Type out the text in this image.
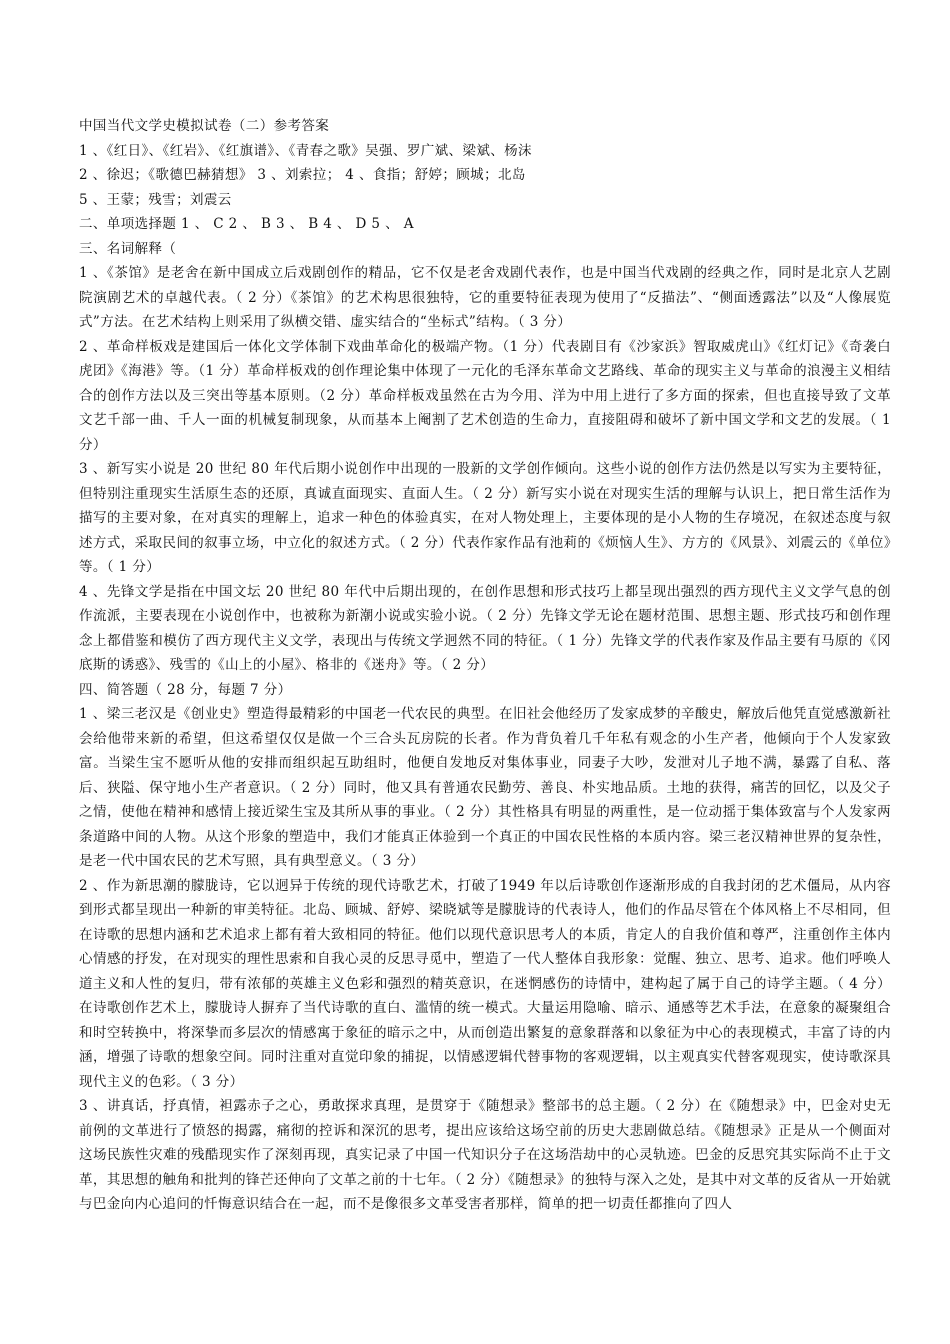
中国当代文学史模拟试卷（二）参考答案

1 、《红日》、《红岩》、《红旗谱》、《青春之歌》吴强、罗广斌、梁斌、杨沫

2 、徐迟；《歌德巴赫猜想》 3 、刘索拉； 4 、食指；舒婷；顾城；北岛

5 、王蒙；残雪；刘震云

二、单项选择题 1 、 C 2 、 B 3 、 B 4 、 D 5 、 A

三、名词解释（

1 、《茶馆》是老舍在新中国成立后戏剧创作的精品，它不仅是老舍戏剧代表作，也是中国当代戏剧的经典之作，同时是北京人艺剧院演剧艺术的卓越代表。（ 2 分）《茶馆》的艺术构思很独特，它的重要特征表现为使用了“反描法”、“侧面透露法”以及“人像展览式”方法。在艺术结构上则采用了纵横交错、虚实结合的“坐标式”结构。（ 3 分）

2 、革命样板戏是建国后一体化文学体制下戏曲革命化的极端产物。（1 分）代表剧目有《沙家浜》智取威虎山》《红灯记》《奇袭白虎团》《海港》等。（1 分）革命样板戏的创作理论集中体现了一元化的毛泽东革命文艺路线、革命的现实主义与革命的浪漫主义相结合的创作方法以及三突出等基本原则。（2 分）革命样板戏虽然在古为今用、洋为中用上进行了多方面的探索，但也直接导致了文革文艺千部一曲、千人一面的机械复制现象，从而基本上阉割了艺术创造的生命力，直接阻碍和破坏了新中国文学和文艺的发展。（ 1 分）

3 、新写实小说是 20 世纪 80 年代后期小说创作中出现的一股新的文学创作倾向。这些小说的创作方法仍然是以写实为主要特征，但特别注重现实生活原生态的还原，真诚直面现实、直面人生。（ 2 分）新写实小说在对现实生活的理解与认识上，把日常生活作为描写的主要对象，在对真实的理解上，追求一种色的体验真实，在对人物处理上，主要体现的是小人物的生存境况，在叙述态度与叙述方式，采取民间的叙事立场，中立化的叙述方式。（ 2 分）代表作家作品有池莉的《烦恼人生》、方方的《风景》、刘震云的《单位》等。（ 1 分）

4 、先锋文学是指在中国文坛 20 世纪 80 年代中后期出现的，在创作思想和形式技巧上都呈现出强烈的西方现代主义文学气息的创作流派，主要表现在小说创作中，也被称为新潮小说或实验小说。（ 2 分）先锋文学无论在题材范围、思想主题、形式技巧和创作理念上都借鉴和模仿了西方现代主义文学，表现出与传统文学迥然不同的特征。（ 1 分）先锋文学的代表作家及作品主要有马原的《冈底斯的诱惑》、残雪的《山上的小屋》、格非的《迷舟》等。（ 2 分）

四、简答题（ 28 分，每题 7 分）

1 、梁三老汉是《创业史》塑造得最精彩的中国老一代农民的典型。在旧社会他经历了发家成梦的辛酸史，解放后他凭直觉感激新社会给他带来新的希望，但这希望仅仅是做一个三合头瓦房院的长者。作为背负着几千年私有观念的小生产者，他倾向于个人发家致富。当梁生宝不愿听从他的安排而组织起互助组时，他便自发地反对集体事业，同妻子大吵，发泄对儿子地不满，暴露了自私、落后、狭隘、保守地小生产者意识。（ 2 分）同时，他又具有普通农民勤劳、善良、朴实地品质。土地的获得，痛苦的回忆，以及父子之情，使他在精神和感情上接近梁生宝及其所从事的事业。（ 2 分）其性格具有明显的两重性，是一位动摇于集体致富与个人发家两条道路中间的人物。从这个形象的塑造中，我们才能真正体验到一个真正的中国农民性格的本质内容。梁三老汉精神世界的复杂性，是老一代中国农民的艺术写照，具有典型意义。（ 3 分）

2 、作为新思潮的朦胧诗，它以迥异于传统的现代诗歌艺术，打破了1949 年以后诗歌创作逐渐形成的自我封闭的艺术僵局，从内容到形式都呈现出一种新的审美特征。北岛、顾城、舒婷、梁晓斌等是朦胧诗的代表诗人，他们的作品尽管在个体风格上不尽相同，但在诗歌的思想内涵和艺术追求上都有着大致相同的特征。他们以现代意识思考人的本质，肯定人的自我价值和尊严，注重创作主体内心情感的抒发，在对现实的理性思索和自我心灵的反思寻觅中，塑造了一代人整体自我形象：觉醒、独立、思考、追求。他们呼唤人道主义和人性的复归，带有浓郁的英雄主义色彩和强烈的精英意识，在迷惘感伤的诗情中，建构起了属于自己的诗学主题。（ 4 分）在诗歌创作艺术上，朦胧诗人摒弃了当代诗歌的直白、滥情的统一模式。大量运用隐喻、暗示、通感等艺术手法，在意象的凝聚组合和时空转换中，将深挚而多层次的情感寓于象征的暗示之中，从而创造出繁复的意象群落和以象征为中心的表现模式，丰富了诗的内涵，增强了诗歌的想象空间。同时注重对直觉印象的捕捉，以情感逻辑代替事物的客观逻辑，以主观真实代替客观现实，使诗歌深具现代主义的色彩。（ 3 分）

3 、讲真话，抒真情，袒露赤子之心，勇敢探求真理，是贯穿于《随想录》整部书的总主题。（ 2 分）在《随想录》中，巴金对史无前例的文革进行了愤怒的揭露，痛彻的控诉和深沉的思考，提出应该给这场空前的历史大悲剧做总结。《随想录》正是从一个侧面对这场民族性灾难的残酷现实作了深刻再现，真实记录了中国一代知识分子在这场浩劫中的心灵轨迹。巴金的反思究其实际尚不止于文革，其思想的触角和批判的锋芒还伸向了文革之前的十七年。（ 2 分）《随想录》的独特与深入之处，是其中对文革的反省从一开始就与巴金向内心追问的忏悔意识结合在一起，而不是像很多文革受害者那样，简单的把一切责任都推向了四人
